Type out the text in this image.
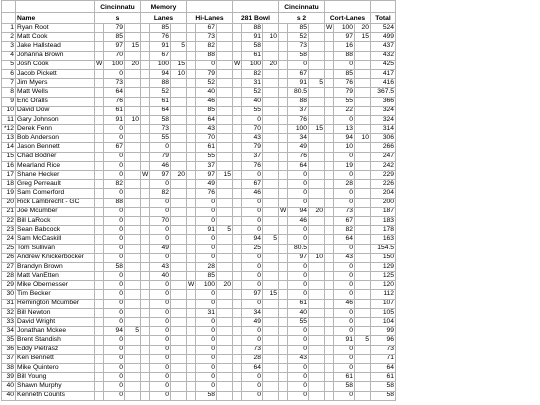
		Cincinnatu			Memory									Cincinnatu						
	Name	s			Lanes			Hi-Lanes			281 Bowl			s 2			Cort-Lanes			Total
1	Ryan Root		79			85			67			88			85		W	100	20	524
2	Matt Cook		85			76			73			91	10		52			97	15	499
3	Jake Hallstead		97	15		91	5		82			58			73			16		437
4	Johanna Brown		70			67			88			61			58			88		432
5	Josh Cook	W	100	20		100	15		0		W	100	20		0			0		425
6	Jacob Pickett		0			94	10		79			82			67			85		417
7	Jim Myers		73			88			52			31			91	5		76		416
8	Matt Wells		64			52			40			52			80.5			79		367.5
9	Eric Oralls		76			61			46			40			88			55		366
10	David Dow		61			64			85			55			37			22		324
11	Gary Johnson		91	10		58			64			0			76			0		324
*12	Derek Fenn		0			73			43			70			100	15		13		314
13	Bob Anderson		0			55			70			43			34			94	10	306
14	Jason Bennett		67			0			61			79			49			10		266
15	Chad Bodner		0			79			55			37			76			0		247
16	Mearland Rice		0			46			37			76			64			19		242
17	Shane Hecker		0		W	97	20		97	15		0			0			0		229
18	Greg Perreault		82			0			49			67			0			28		226
19	Sam Comerford		0			82			76			46			0			0		204
20	Rick Lambrecht - GC		88			0			0			0			0			0		200
21	Joe Mcumber		0			0			0			0		W	94	20		73		187
22	Bill LaRock		0			70			0			0			46			67		183
23	Sean Babcock		0			0			91	5		0			0			82		178
24	Sam McCaskill		0			0			0			94	5		0			64		163
25	Tom Sullivan		0			49			0			25			80.5			0		154.5
26	Andrew Knickerbocker		0			0			0			0			97	10		43		150
27	Brandyn Brown		58			43			28			0			0			0		129
28	Matt VanEtten		0			40			85			0			0			0		125
29	Mike Obernesser		0			0		W	100	20		0			0			0		120
30	Tim Becker		0			0			0			97	15		0			0		112
31	Remington Mcumber		0			0			0			0			61			46		107
32	Bill Newton		0			0			31			34			40			0		105
33	David Wright		0			0			0			49			55			0		104
34	Jonathan Mckee		94	5		0			0			0			0			0		99
35	Brent Standish		0			0			0			0			0			91	5	96
36	Eddy Pietrasz		0			0			0			73			0			0		73
37	Ken Bennett		0			0			0			28			43			0		71
38	Mike Quintero		0			0			0			64			0			0		64
39	Bill Young		0			0			0			0			0			61		61
40	Shawn Murphy		0			0			0			0			0			58		58
40	Kenneth Counts		0			0			58			0			0			0		58
